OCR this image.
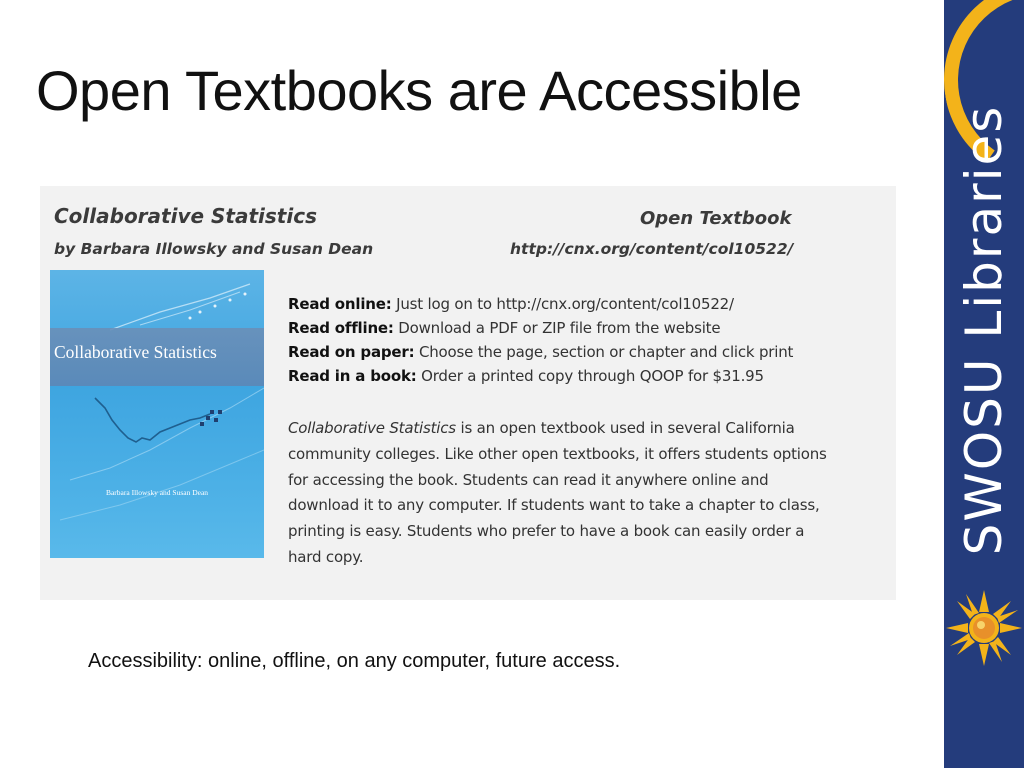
Open Textbooks are Accessible
SWOSU Libraries
Collaborative Statistics
by Barbara Illowsky and Susan Dean
Open Textbook
http://cnx.org/content/col10522/
Collaborative Statistics
Barbara Illowsky and Susan Dean
Read online: Just log on to http://cnx.org/content/col10522/
Read offline: Download a PDF or ZIP file from the website
Read on paper: Choose the page, section or chapter and click print
Read in a book: Order a printed copy through QOOP for $31.95

Collaborative Statistics is an open textbook used in several California

community colleges. Like other open textbooks, it offers students options

for accessing the book. Students can read it anywhere online and

download it to any computer. If students want to take a chapter to class,

printing is easy. Students who prefer to have a book can easily order a

hard copy.

Accessibility: online, offline, on any computer, future access.
